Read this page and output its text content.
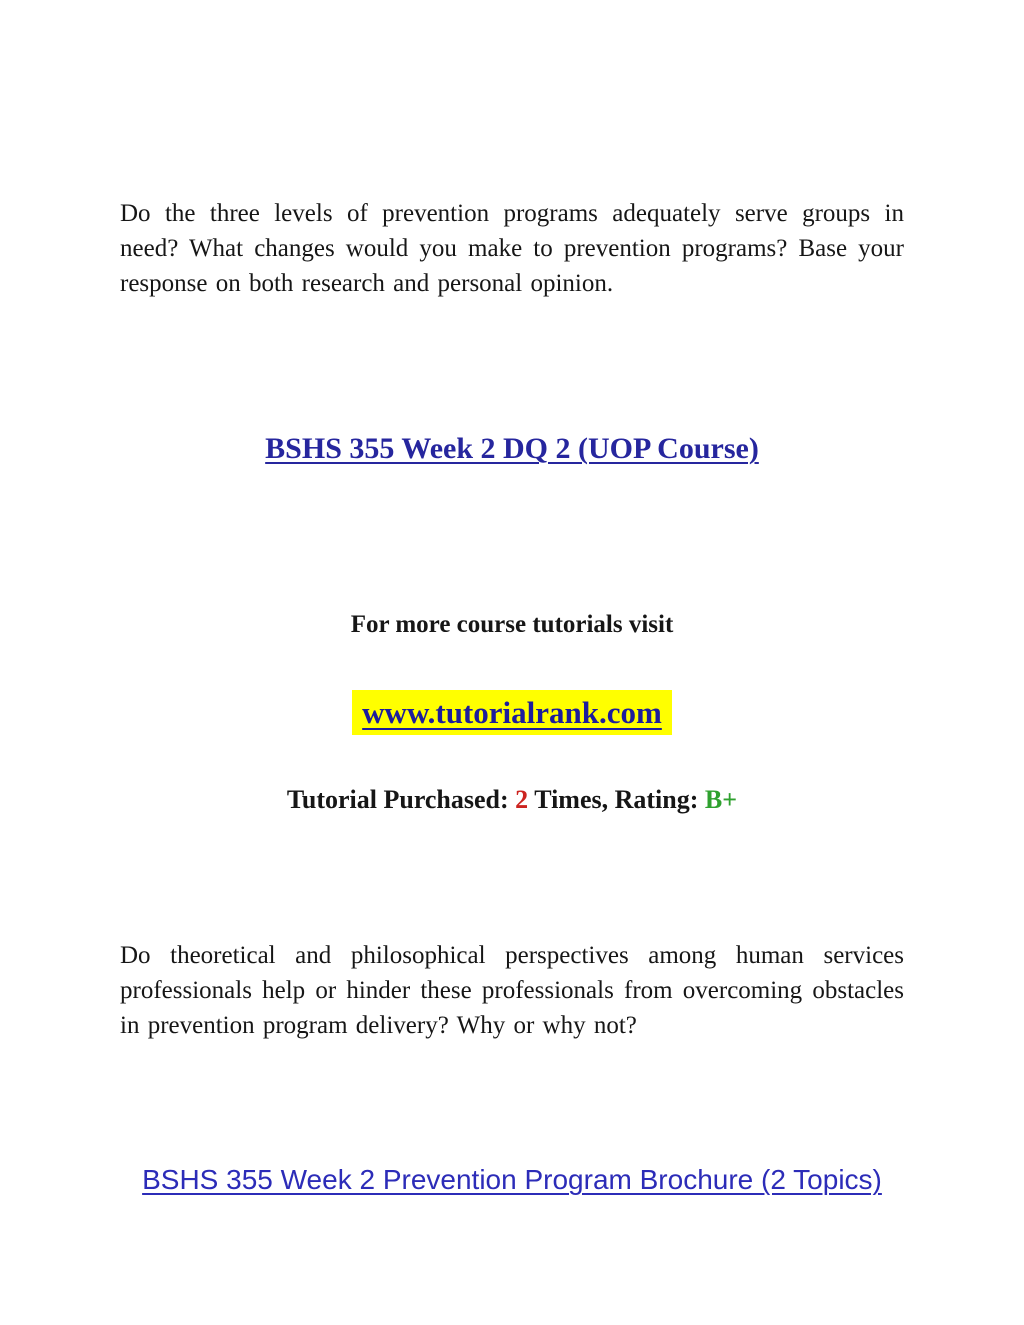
Do the three levels of prevention programs adequately serve groups in need? What changes would you make to prevention programs? Base your response on both research and personal opinion.

BSHS 355 Week 2 DQ 2 (UOP Course)

For more course tutorials visit

www.tutorialrank.com

Tutorial Purchased: 2 Times, Rating: B+

Do theoretical and philosophical perspectives among human services professionals help or hinder these professionals from overcoming obstacles in prevention program delivery? Why or why not?

BSHS 355 Week 2 Prevention Program Brochure (2 Topics)
